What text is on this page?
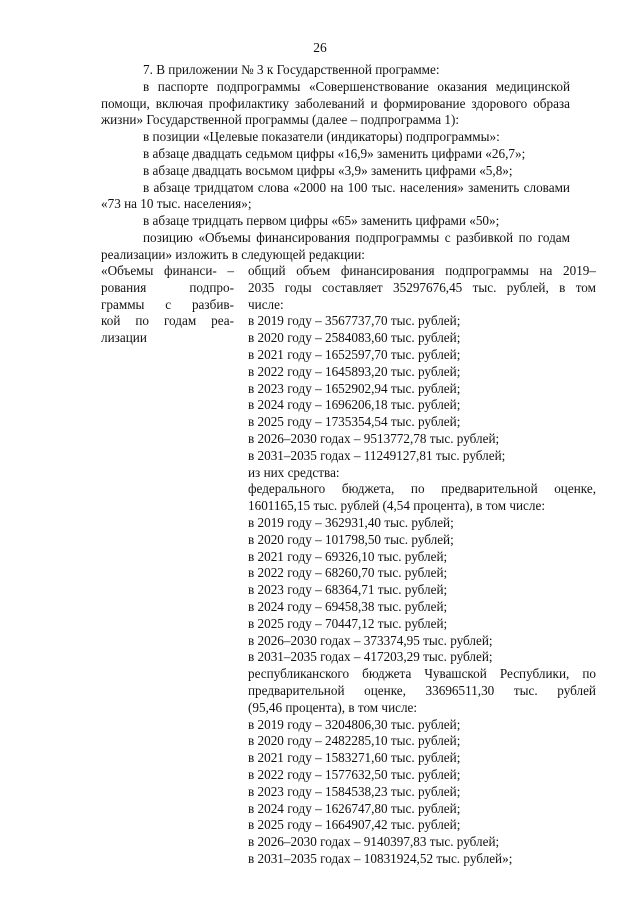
26

7. В приложении № 3 к Государственной программе:

в паспорте подпрограммы «Совершенствование оказания медицинской помощи, включая профилактику заболеваний и формирование здорового образа жизни» Государственной программы (далее – подпрограмма 1):

в позиции «Целевые показатели (индикаторы) подпрограммы»:

в абзаце двадцать седьмом цифры «16,9» заменить цифрами «26,7»;

в абзаце двадцать восьмом цифры «3,9» заменить цифрами «5,8»;

в абзаце тридцатом слова «2000 на 100 тыс. населения» заменить словами «73 на 10 тыс. населения»;

в абзаце тридцать первом цифры «65» заменить цифрами «50»;

позицию «Объемы финансирования подпрограммы с разбивкой по годам реализации» изложить в следующей редакции:

«Объемы финанси- –
рования подпро-
граммы с разбив-
кой по годам реа-
лизации
общий объем финансирования подпрограммы на 2019–
2035 годы составляет 35297676,45 тыс. рублей, в том
числе:
в 2019 году – 3567737,70 тыс. рублей;
в 2020 году – 2584083,60 тыс. рублей;
в 2021 году – 1652597,70 тыс. рублей;
в 2022 году – 1645893,20 тыс. рублей;
в 2023 году – 1652902,94 тыс. рублей;
в 2024 году – 1696206,18 тыс. рублей;
в 2025 году – 1735354,54 тыс. рублей;
в 2026–2030 годах – 9513772,78 тыс. рублей;
в 2031–2035 годах – 11249127,81 тыс. рублей;
из них средства:
федерального бюджета, по предварительной оценке,
1601165,15 тыс. рублей (4,54 процента), в том числе:
в 2019 году – 362931,40 тыс. рублей;
в 2020 году – 101798,50 тыс. рублей;
в 2021 году – 69326,10 тыс. рублей;
в 2022 году – 68260,70 тыс. рублей;
в 2023 году – 68364,71 тыс. рублей;
в 2024 году – 69458,38 тыс. рублей;
в 2025 году – 70447,12 тыс. рублей;
в 2026–2030 годах – 373374,95 тыс. рублей;
в 2031–2035 годах – 417203,29 тыс. рублей;
республиканского бюджета Чувашской Республики, по
предварительной оценке, 33696511,30 тыс. рублей
(95,46 процента), в том числе:
в 2019 году – 3204806,30 тыс. рублей;
в 2020 году – 2482285,10 тыс. рублей;
в 2021 году – 1583271,60 тыс. рублей;
в 2022 году – 1577632,50 тыс. рублей;
в 2023 году – 1584538,23 тыс. рублей;
в 2024 году – 1626747,80 тыс. рублей;
в 2025 году – 1664907,42 тыс. рублей;
в 2026–2030 годах – 9140397,83 тыс. рублей;
в 2031–2035 годах – 10831924,52 тыс. рублей»;
